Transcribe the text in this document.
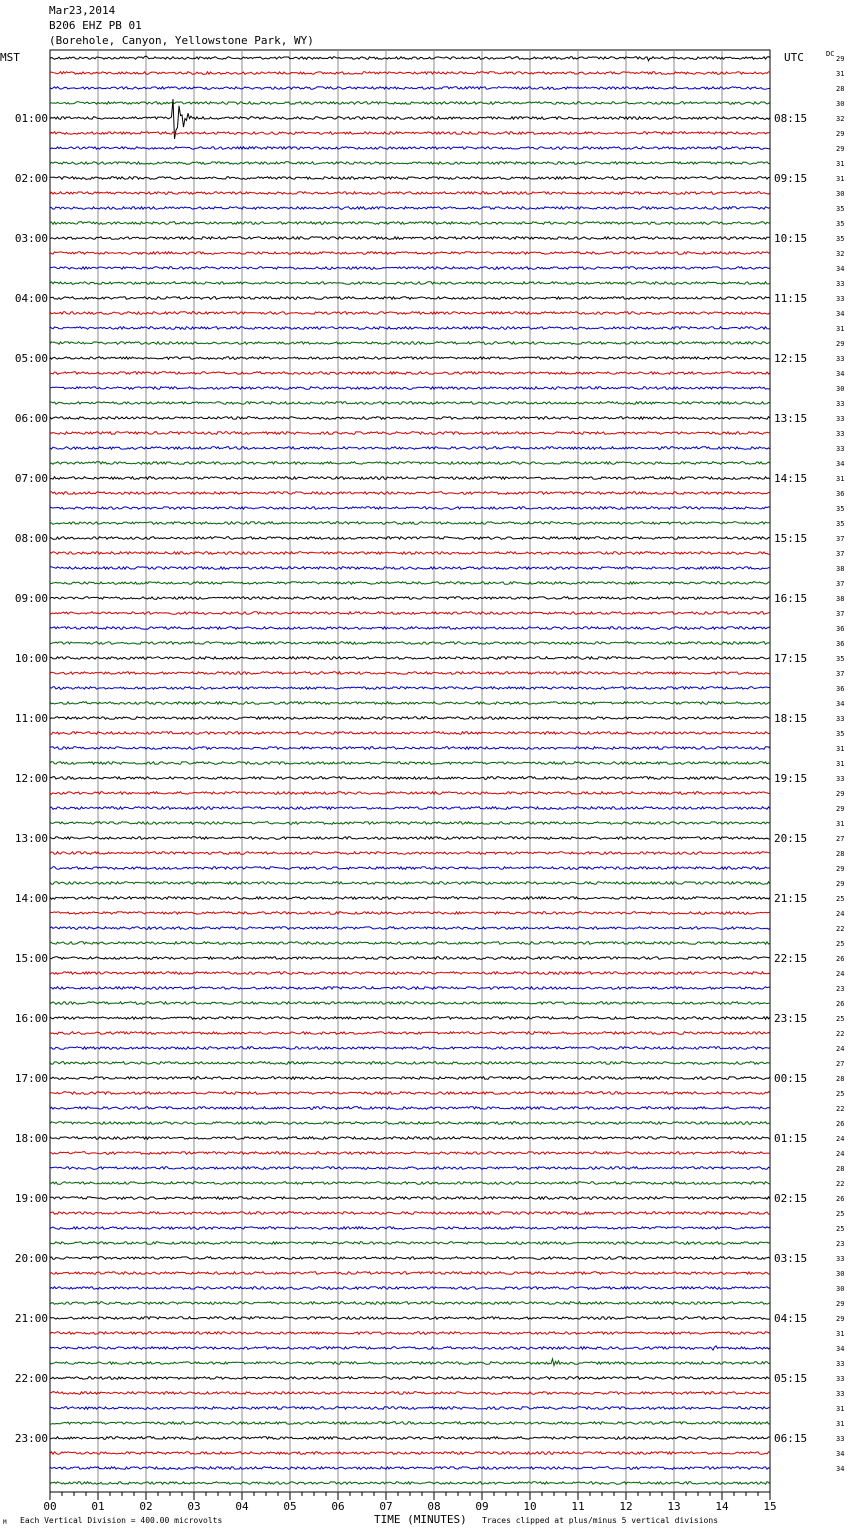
Mar23,2014
B206 EHZ PB 01
(Borehole, Canyon, Yellowstone Park, WY)
01:00
02:00
03:00
04:00
05:00
06:00
07:00
08:00
09:00
10:00
11:00
12:00
13:00
14:00
15:00
16:00
17:00
18:00
19:00
20:00
21:00
22:00
23:00
08:15
09:15
10:15
11:15
12:15
13:15
14:15
15:15
16:15
17:15
18:15
19:15
20:15
21:15
22:15
23:15
00:15
01:15
02:15
03:15
04:15
05:15
06:15
29
31
28
30
32
29
29
31
31
30
35
35
35
32
34
33
33
34
31
29
33
34
30
33
33
33
33
34
31
36
35
35
37
37
38
37
38
37
36
36
35
37
36
34
33
35
31
31
33
29
29
31
27
28
29
29
25
24
22
25
26
24
23
26
25
22
24
27
28
25
22
26
24
24
28
22
26
25
25
23
33
30
30
29
29
31
34
33
33
33
31
31
33
34
34
00	01	02	03	04	05	06	07	08	09	10	11	12	13	14	15
MST	UTC	DC
M Each Vertical Division = 400.00 microvolts	TIME (MINUTES) Traces clipped at plus/minus 5 vertical divisions
